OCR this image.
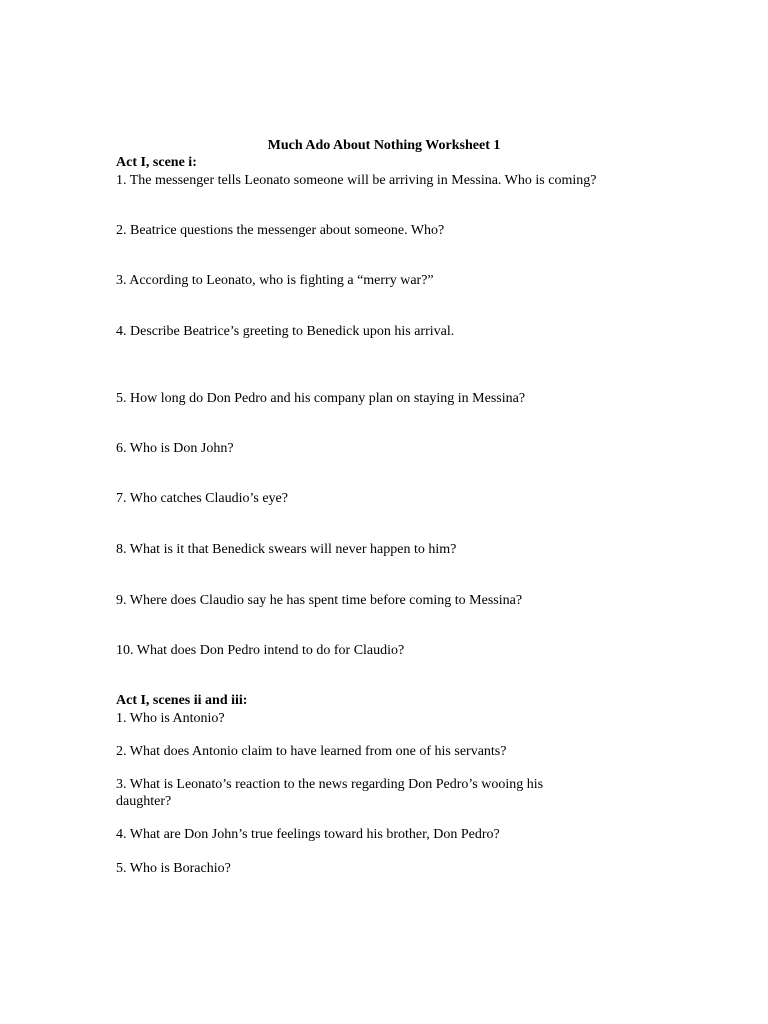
Much Ado About Nothing Worksheet 1

Act I, scene i:

1. The messenger tells Leonato someone will be arriving in Messina. Who is coming?

2. Beatrice questions the messenger about someone. Who?

3. According to Leonato, who is fighting a “merry war?”

4. Describe Beatrice’s greeting to Benedick upon his arrival.

5. How long do Don Pedro and his company plan on staying in Messina?

6. Who is Don John?

7. Who catches Claudio’s eye?

8. What is it that Benedick swears will never happen to him?

9. Where does Claudio say he has spent time before coming to Messina?

10. What does Don Pedro intend to do for Claudio?

Act I, scenes ii and iii:

1. Who is Antonio?

2. What does Antonio claim to have learned from one of his servants?

3. What is Leonato’s reaction to the news regarding Don Pedro’s wooing his

daughter?

4. What are Don John’s true feelings toward his brother, Don Pedro?

5. Who is Borachio?
